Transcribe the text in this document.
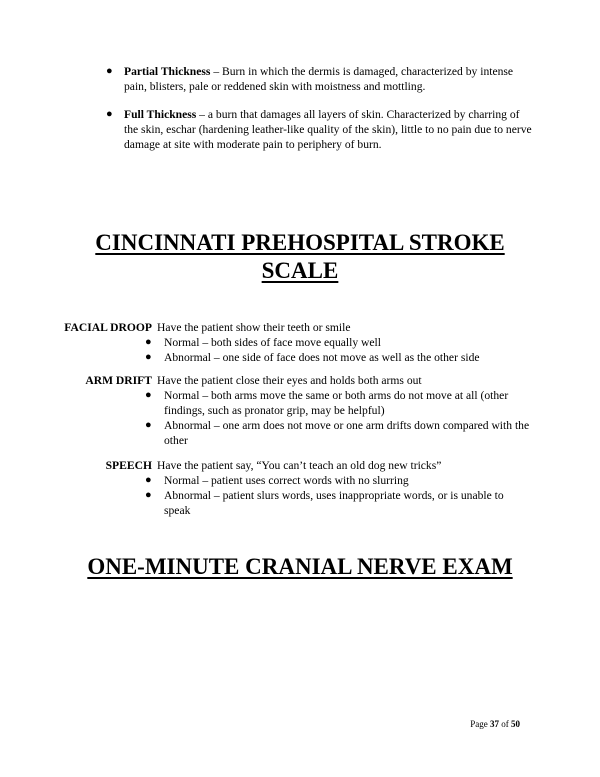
● Partial Thickness – Burn in which the dermis is damaged, characterized by intense pain, blisters, pale or reddened skin with moistness and mottling.
● Full Thickness – a burn that damages all layers of skin. Characterized by charring of the skin, eschar (hardening leather-like quality of the skin), little to no pain due to nerve damage at site with moderate pain to periphery of burn.
CINCINNATI PREHOSPITAL STROKE
SCALE
FACIAL DROOP Have the patient show their teeth or smile
● Normal – both sides of face move equally well
● Abnormal – one side of face does not move as well as the other side
ARM DRIFT Have the patient close their eyes and holds both arms out
● Normal – both arms move the same or both arms do not move at all (other findings, such as pronator grip, may be helpful)
● Abnormal – one arm does not move or one arm drifts down compared with the other
SPEECH Have the patient say, “You can’t teach an old dog new tricks”
● Normal – patient uses correct words with no slurring
● Abnormal – patient slurs words, uses inappropriate words, or is unable to speak
ONE-MINUTE CRANIAL NERVE EXAM
Page 37 of 50
